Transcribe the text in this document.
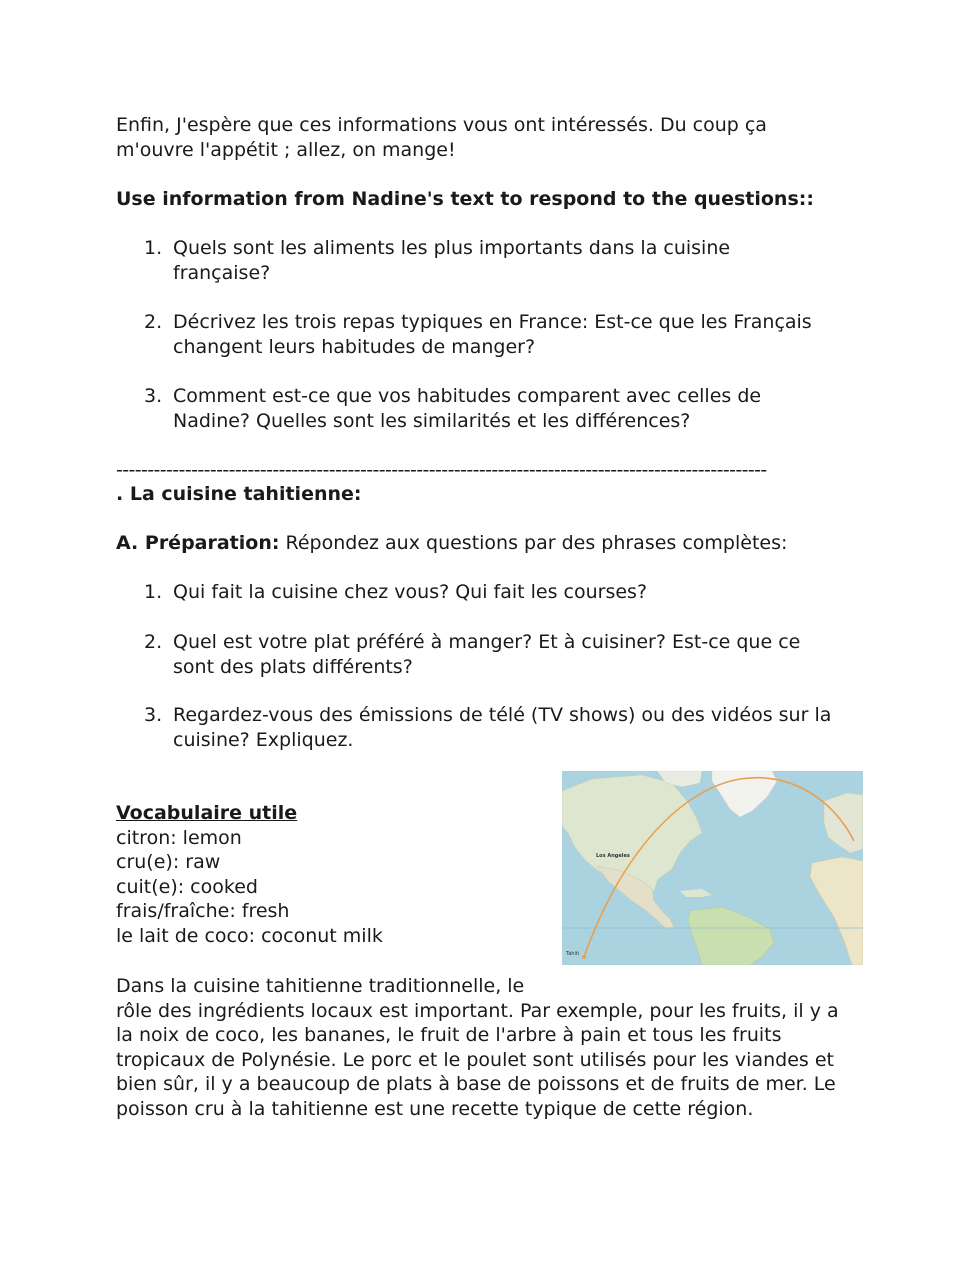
Enfin, J'espère que ces informations vous ont intéressés. Du coup ça
m'ouvre l'appétit ; allez, on mange!
Use information from Nadine's text to respond to the questions::
1. Quels sont les aliments les plus importants dans la cuisine
française?
2. Décrivez les trois repas typiques en France: Est-ce que les Français
changent leurs habitudes de manger?
3. Comment est-ce que vos habitudes comparent avec celles de
Nadine? Quelles sont les similarités et les différences?
--------------------------------------------------------------------------------------------------------
. La cuisine tahitienne:
A. Préparation: Répondez aux questions par des phrases complètes:
1. Qui fait la cuisine chez vous? Qui fait les courses?
2. Quel est votre plat préféré à manger? Et à cuisiner? Est-ce que ce
sont des plats différents?
3. Regardez-vous des émissions de télé (TV shows) ou des vidéos sur la
cuisine? Expliquez.
Vocabulaire utile
citron: lemon
cru(e): raw
cuit(e): cooked
frais/fraîche: fresh
le lait de coco: coconut milk
Tahiti
Los Angeles
Dans la cuisine tahitienne traditionnelle, le
rôle des ingrédients locaux est important. Par exemple, pour les fruits, il y a
la noix de coco, les bananes, le fruit de l'arbre à pain et tous les fruits
tropicaux de Polynésie. Le porc et le poulet sont utilisés pour les viandes et
bien sûr, il y a beaucoup de plats à base de poissons et de fruits de mer. Le
poisson cru à la tahitienne est une recette typique de cette région.
